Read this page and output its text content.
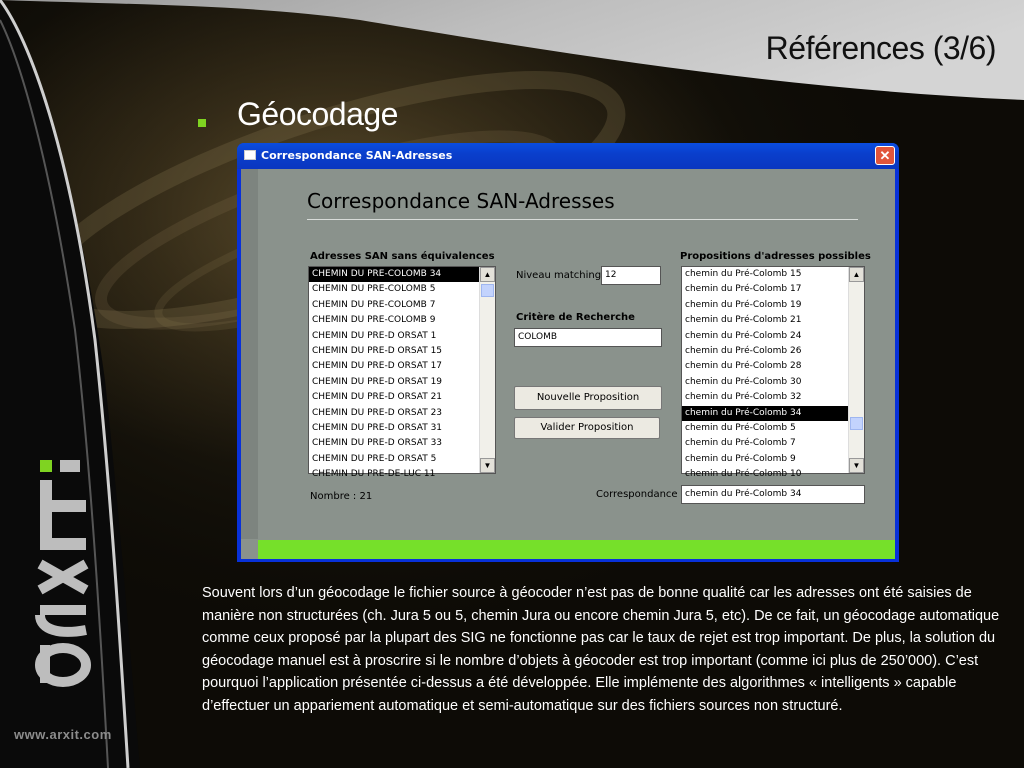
Références (3/6)
Géocodage
www.arxit.com
Correspondance SAN-Adresses	✕
Correspondance SAN-Adresses
Adresses SAN sans équivalences
CHEMIN DU PRE-COLOMB 34
CHEMIN DU PRE-COLOMB 5
CHEMIN DU PRE-COLOMB 7
CHEMIN DU PRE-COLOMB 9
CHEMIN DU PRE-D ORSAT 1
CHEMIN DU PRE-D ORSAT 15
CHEMIN DU PRE-D ORSAT 17
CHEMIN DU PRE-D ORSAT 19
CHEMIN DU PRE-D ORSAT 21
CHEMIN DU PRE-D ORSAT 23
CHEMIN DU PRE-D ORSAT 31
CHEMIN DU PRE-D ORSAT 33
CHEMIN DU PRE-D ORSAT 5
CHEMIN DU PRE-DE-LUC 11
▲
▼
Nombre : 21
Niveau matching 12
Critère de Recherche
COLOMB
Nouvelle Proposition
Valider Proposition
Propositions d'adresses possibles
chemin du Pré-Colomb 15
chemin du Pré-Colomb 17
chemin du Pré-Colomb 19
chemin du Pré-Colomb 21
chemin du Pré-Colomb 24
chemin du Pré-Colomb 26
chemin du Pré-Colomb 28
chemin du Pré-Colomb 30
chemin du Pré-Colomb 32
chemin du Pré-Colomb 34
chemin du Pré-Colomb 5
chemin du Pré-Colomb 7
chemin du Pré-Colomb 9
chemin du Pré-Colomb 10
▲
▼
Correspondance chemin du Pré-Colomb 34
Souvent lors d’un géocodage le fichier source à géocoder n’est pas de bonne qualité car les adresses ont été saisies de manière non structurées (ch. Jura 5 ou 5, chemin Jura ou encore chemin Jura 5, etc). De ce fait, un géocodage automatique comme ceux proposé par la plupart des SIG ne fonctionne pas car le taux de rejet est trop important. De plus, la solution du géocodage manuel est à proscrire si le nombre d’objets à géocoder est trop important (comme ici plus de 250’000). C’est pourquoi l’application présentée ci-dessus a été développée. Elle implémente des algorithmes « intelligents » capable d’effectuer un appariement automatique et semi-automatique sur des fichiers sources non structuré.
